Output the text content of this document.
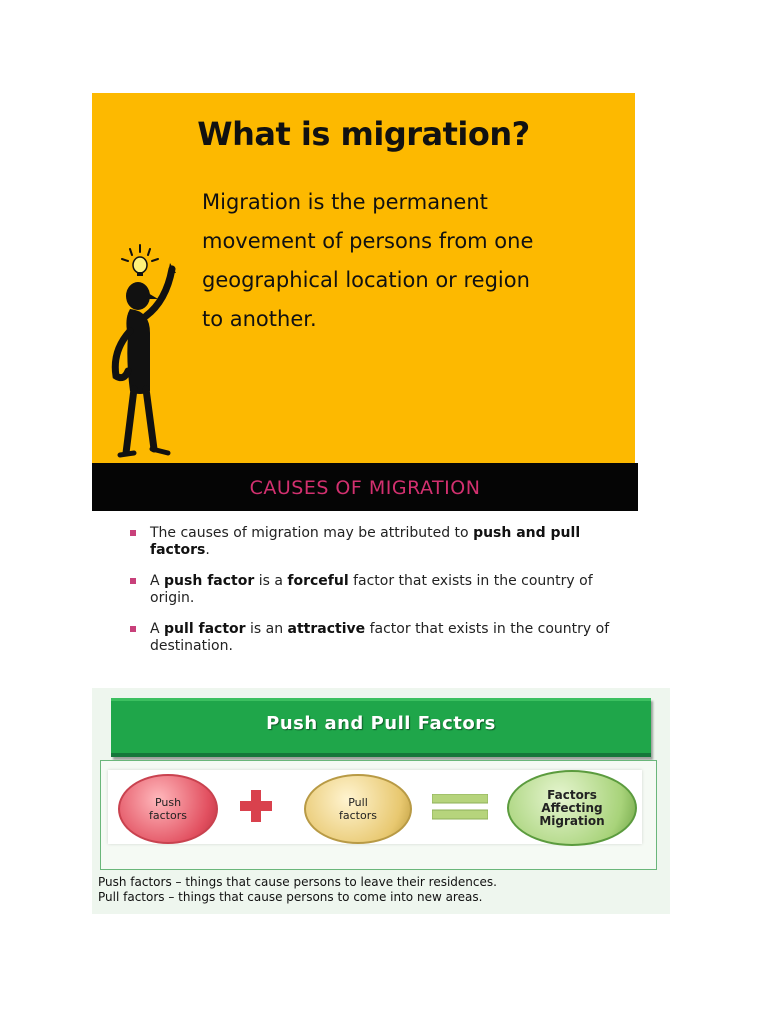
What is migration?
Migration is the permanent
movement of persons from one
geographical location or region
to another.
CAUSES OF MIGRATION
The causes of migration may be attributed to push and pull factors.
A push factor is a forceful factor that exists in the country of origin.
A pull factor is an attractive factor that exists in the country of destination.
Push and Pull Factors
Push factors
Pull factors
Factors Affecting Migration
Push factors – things that cause persons to leave their residences.
Pull factors – things that cause persons to come into new areas.
